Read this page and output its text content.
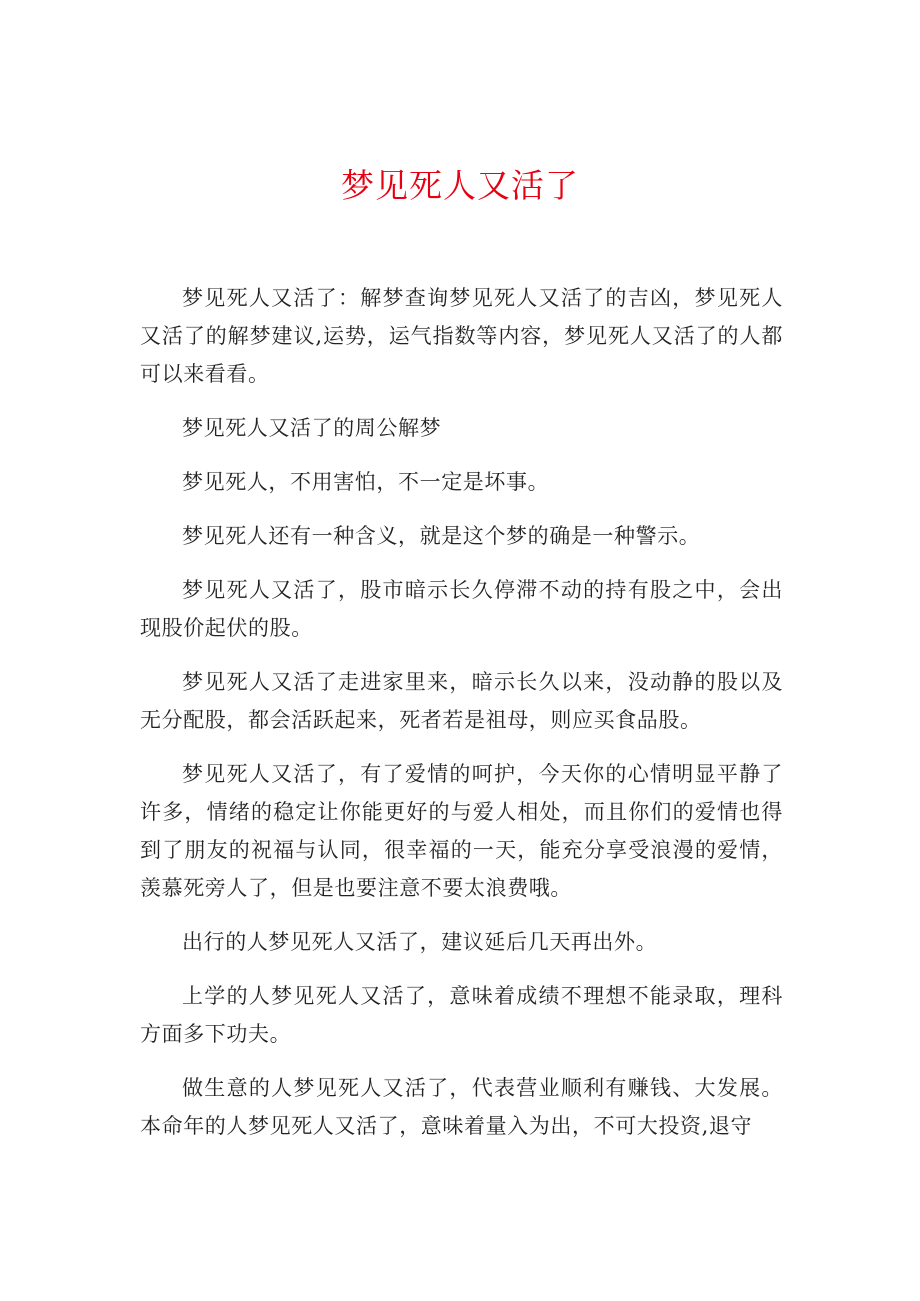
梦见死人又活了

梦见死人又活了：解梦查询梦见死人又活了的吉凶，梦见死人又活了的解梦建议,运势，运气指数等内容，梦见死人又活了的人都可以来看看。

梦见死人又活了的周公解梦

梦见死人，不用害怕，不一定是坏事。

梦见死人还有一种含义，就是这个梦的确是一种警示。

梦见死人又活了，股市暗示长久停滞不动的持有股之中，会出现股价起伏的股。

梦见死人又活了走进家里来，暗示长久以来，没动静的股以及无分配股，都会活跃起来，死者若是祖母，则应买食品股。

梦见死人又活了，有了爱情的呵护，今天你的心情明显平静了许多，情绪的稳定让你能更好的与爱人相处，而且你们的爱情也得到了朋友的祝福与认同，很幸福的一天，能充分享受浪漫的爱情，羡慕死旁人了，但是也要注意不要太浪费哦。

出行的人梦见死人又活了，建议延后几天再出外。

上学的人梦见死人又活了，意味着成绩不理想不能录取，理科方面多下功夫。

做生意的人梦见死人又活了，代表营业顺利有赚钱、大发展。本命年的人梦见死人又活了，意味着量入为出，不可大投资,退守
